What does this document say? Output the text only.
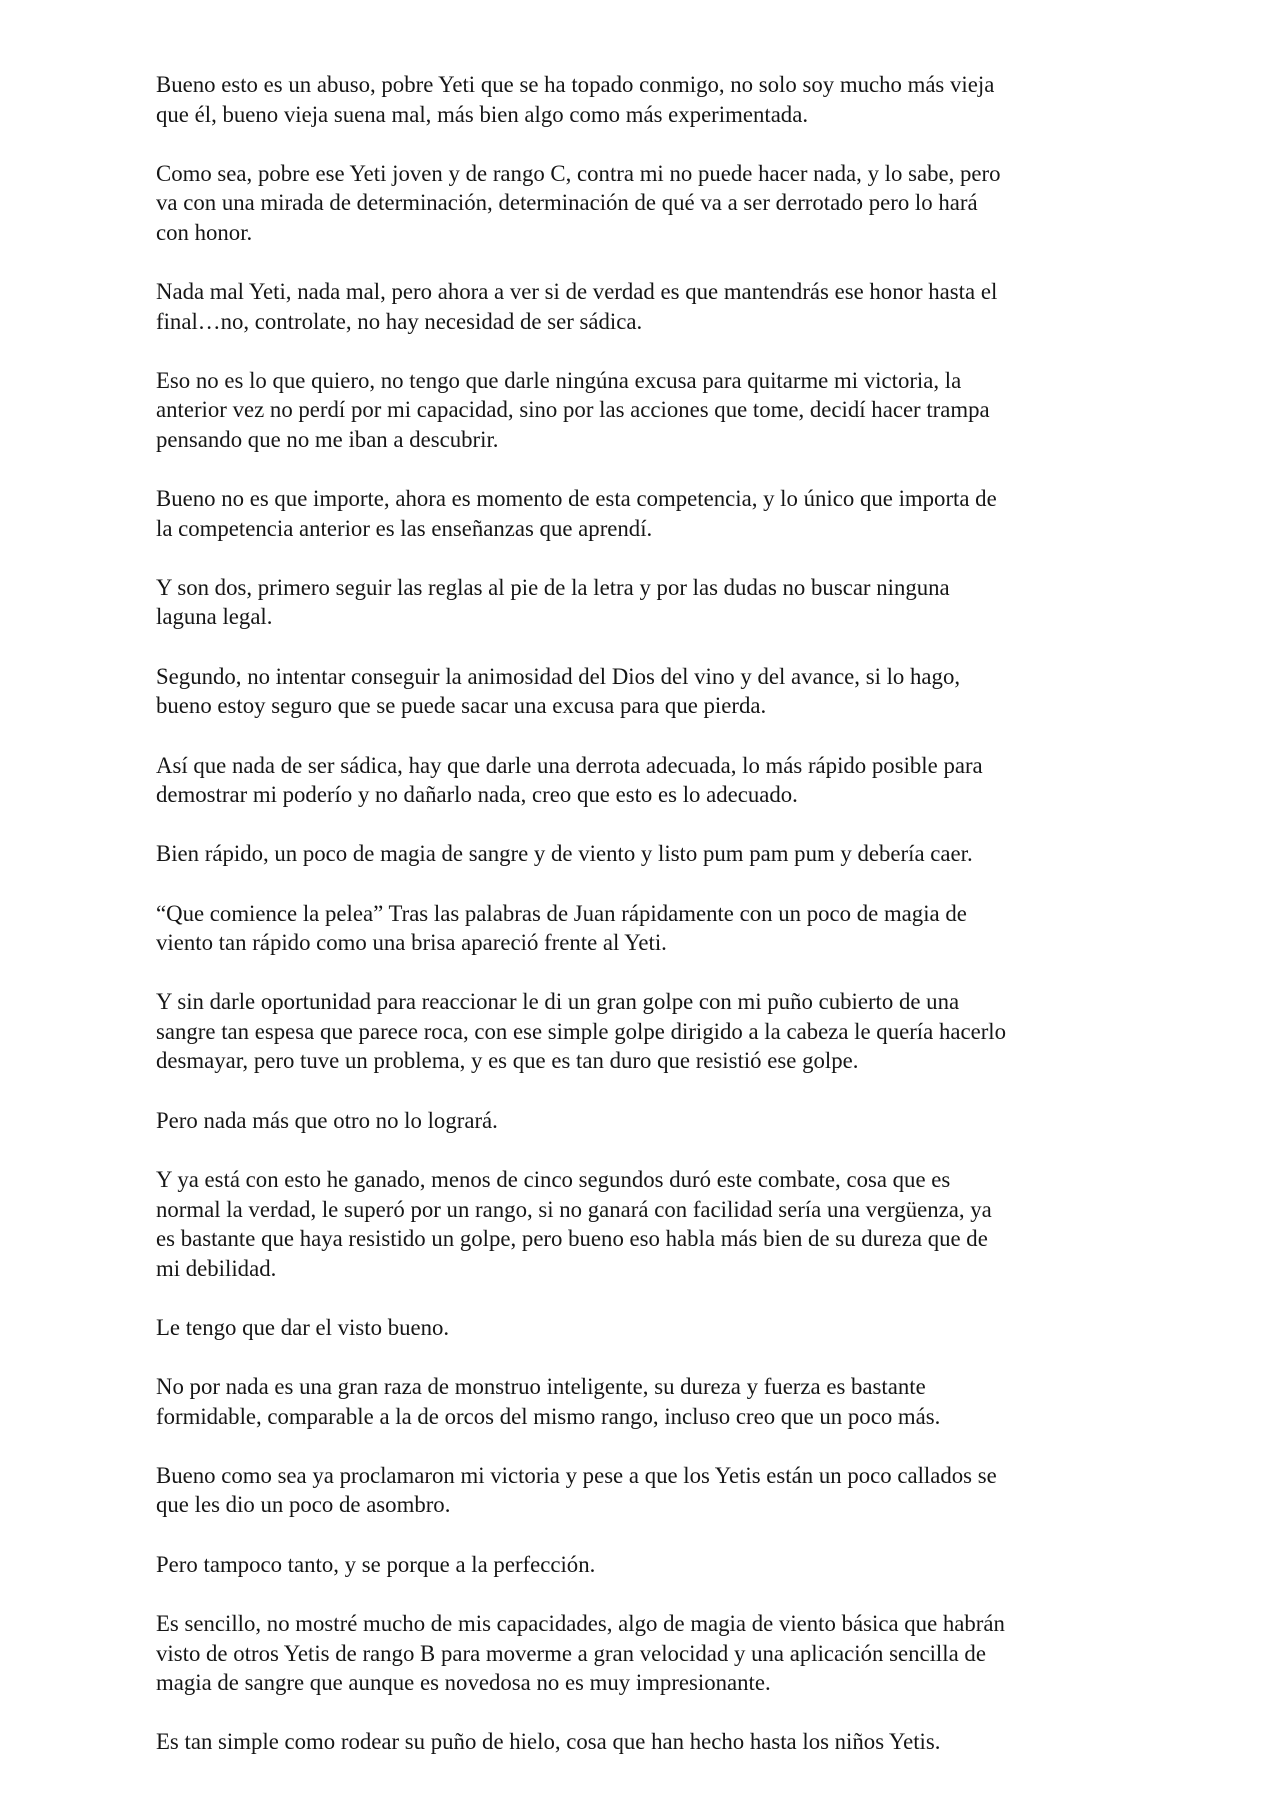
Bueno esto es un abuso, pobre Yeti que se ha topado conmigo, no solo soy mucho más vieja
que él, bueno vieja suena mal, más bien algo como más experimentada.

Como sea, pobre ese Yeti joven y de rango C, contra mi no puede hacer nada, y lo sabe, pero
va con una mirada de determinación, determinación de qué va a ser derrotado pero lo hará
con honor.

Nada mal Yeti, nada mal, pero ahora a ver si de verdad es que mantendrás ese honor hasta el
final…no, controlate, no hay necesidad de ser sádica.

Eso no es lo que quiero, no tengo que darle ningúna excusa para quitarme mi victoria, la
anterior vez no perdí por mi capacidad, sino por las acciones que tome, decidí hacer trampa
pensando que no me iban a descubrir.

Bueno no es que importe, ahora es momento de esta competencia, y lo único que importa de
la competencia anterior es las enseñanzas que aprendí.

Y son dos, primero seguir las reglas al pie de la letra y por las dudas no buscar ninguna
laguna legal.

Segundo, no intentar conseguir la animosidad del Dios del vino y del avance, si lo hago,
bueno estoy seguro que se puede sacar una excusa para que pierda.

Así que nada de ser sádica, hay que darle una derrota adecuada, lo más rápido posible para
demostrar mi poderío y no dañarlo nada, creo que esto es lo adecuado.

Bien rápido, un poco de magia de sangre y de viento y listo pum pam pum y debería caer.

“Que comience la pelea” Tras las palabras de Juan rápidamente con un poco de magia de
viento tan rápido como una brisa apareció frente al Yeti.

Y sin darle oportunidad para reaccionar le di un gran golpe con mi puño cubierto de una
sangre tan espesa que parece roca, con ese simple golpe dirigido a la cabeza le quería hacerlo
desmayar, pero tuve un problema, y es que es tan duro que resistió ese golpe.

Pero nada más que otro no lo logrará.

Y ya está con esto he ganado, menos de cinco segundos duró este combate, cosa que es
normal la verdad, le superó por un rango, si no ganará con facilidad sería una vergüenza, ya
es bastante que haya resistido un golpe, pero bueno eso habla más bien de su dureza que de
mi debilidad.

Le tengo que dar el visto bueno.

No por nada es una gran raza de monstruo inteligente, su dureza y fuerza es bastante
formidable, comparable a la de orcos del mismo rango, incluso creo que un poco más.

Bueno como sea ya proclamaron mi victoria y pese a que los Yetis están un poco callados se
que les dio un poco de asombro.

Pero tampoco tanto, y se porque a la perfección.

Es sencillo, no mostré mucho de mis capacidades, algo de magia de viento básica que habrán
visto de otros Yetis de rango B para moverme a gran velocidad y una aplicación sencilla de
magia de sangre que aunque es novedosa no es muy impresionante.

Es tan simple como rodear su puño de hielo, cosa que han hecho hasta los niños Yetis.
